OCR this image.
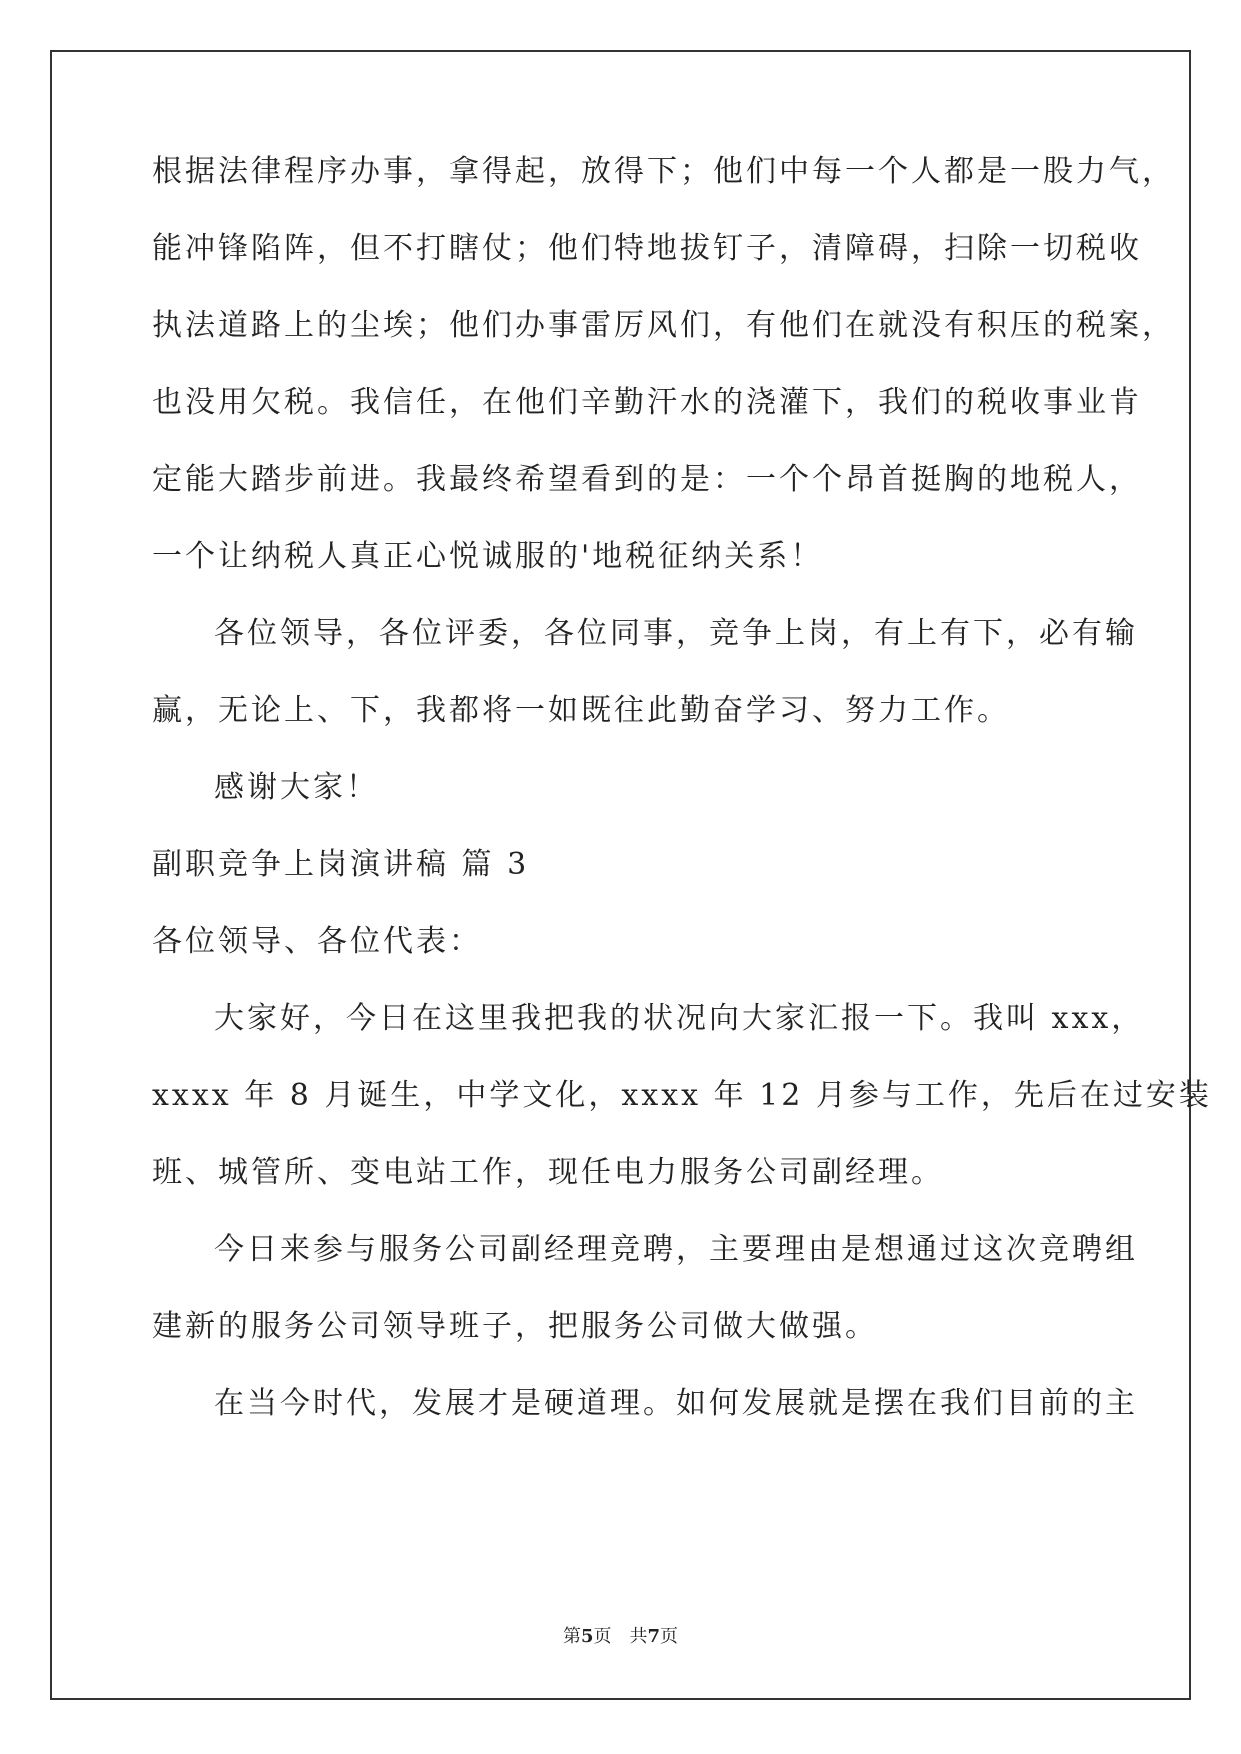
根据法律程序办事，拿得起，放得下；他们中每一个人都是一股力气，
能冲锋陷阵，但不打瞎仗；他们特地拔钉子，清障碍，扫除一切税收
执法道路上的尘埃；他们办事雷厉风们，有他们在就没有积压的税案，
也没用欠税。我信任，在他们辛勤汗水的浇灌下，我们的税收事业肯
定能大踏步前进。我最终希望看到的是：一个个昂首挺胸的地税人，
一个让纳税人真正心悦诚服的'地税征纳关系！
各位领导，各位评委，各位同事，竞争上岗，有上有下，必有输
赢，无论上、下，我都将一如既往此勤奋学习、努力工作。
感谢大家！
副职竞争上岗演讲稿 篇 3
各位领导、各位代表：
大家好，今日在这里我把我的状况向大家汇报一下。我叫 xxx，
xxxx 年 8 月诞生，中学文化，xxxx 年 12 月参与工作，先后在过安装
班、城管所、变电站工作，现任电力服务公司副经理。
今日来参与服务公司副经理竞聘，主要理由是想通过这次竞聘组
建新的服务公司领导班子，把服务公司做大做强。
在当今时代，发展才是硬道理。如何发展就是摆在我们目前的主
第5页　共7页
